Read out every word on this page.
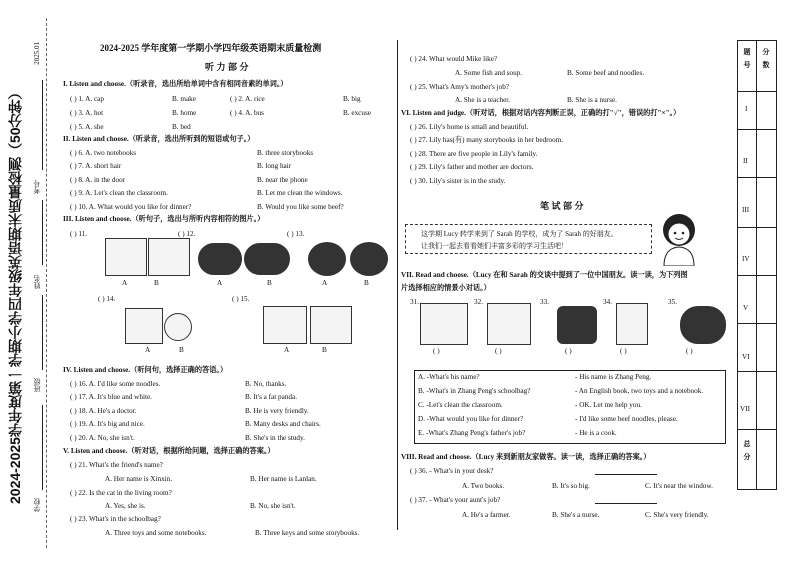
2024-2025学年度第一学期小学四年级英语期末质量检测（50分钟）
2025.01
学校
班级
姓名
考号
2024-2025 学年度第一学期小学四年级英语期末质量检测
听 力 部 分
I. Listen and choose.（听录音，选出所给单词中含有相同音素的单词。）
( ) 1. A. cap	B. make	( ) 2. A. rice	B. big
( ) 3. A. hot	B. home	( ) 4. A. bus	B. excuse
( ) 5. A. she	B. bed
II. Listen and choose.（听录音，选出所听到的短语或句子。）
( ) 6. A. two notebooks	B. three storybooks
( ) 7. A. short hair	B. long hair
( ) 8. A. in the door	B. near the phone
( ) 9. A. Let's clean the classroom.	B. Let me clean the windows.
( ) 10. A. What would you like for dinner?	B. Would you like some beef?
III. Listen and choose.（听句子，选出与所听内容相符的图片。）
( ) 11.
A	B
( ) 12.
A	B
( ) 13.
A	B
( ) 14.
A	B
( ) 15.
A	B
IV. Listen and choose.（听问句，选择正确的答语。）
( ) 16. A. I'd like some noodles.	B. No, thanks.
( ) 17. A. It's blue and white.	B. It's a fat panda.
( ) 18. A. He's a doctor.	B. He is very friendly.
( ) 19. A. It's big and nice.	B. Many desks and chairs.
( ) 20. A. No, she isn't.	B. She's in the study.
V. Listen and choose.（听对话，根据所给问题，选择正确的答案。）
( ) 21. What's the friend's name?
A. Her name is Xinxin.	B. Her name is Lanlan.
( ) 22. Is the cat in the living room?
A. Yes, she is.	B. No, she isn't.
( ) 23. What's in the schoolbag?
A. Three toys and some notebooks.	B. Three keys and some storybooks.
( ) 24. What would Mike like?
A. Some fish and soup.	B. Some beef and noodles.
( ) 25. What's Amy's mother's job?
A. She is a teacher.	B. She is a nurse.
VI. Listen and judge.（听对话，根据对话内容判断正误，正确的打"√"，错误的打"×"。）
( ) 26. Lily's home is small and beautiful.
( ) 27. Lily has(有) many storybooks in her bedroom.
( ) 28. There are five people in Lily's family.
( ) 29. Lily's father and mother are doctors.
( ) 30. Lily's sister is in the study.
笔 试 部 分
这学期 Lucy 转学来到了 Sarah 的学校，成为了 Sarah 的好朋友。
让我们一起去看看她们丰富多彩的学习生活吧！
VII. Read and choose.（Lucy 在和 Sarah 的交谈中提到了一位中国朋友。读一读，为下列图
片选择相应的情景小对话。）
31.
( )
32.
( )
33.
( )
34.
( )
35.
( )
A. -What's his name?	- His name is Zhang Peng.
B. -What's in Zhang Peng's schoolbag?	- An English book, two toys and a notebook.
C. -Let's clean the classroom.	- OK. Let me help you.
D. -What would you like for dinner?	- I'd like some beef noodles, please.
E. -What's Zhang Peng's father's job?	- He is a cook.
VIII. Read and choose.（Lucy 来到新朋友家做客。读一读，选择正确的答案。）
( ) 36. - What's in your desk?
A. Two books.	B. It's so big.	C. It's near the window.
( ) 37. - What's your aunt's job?
A. He's a farmer.	B. She's a nurse.	C. She's very friendly.
题号 分数
I
II
III
IV
V
VI
VII
总分
